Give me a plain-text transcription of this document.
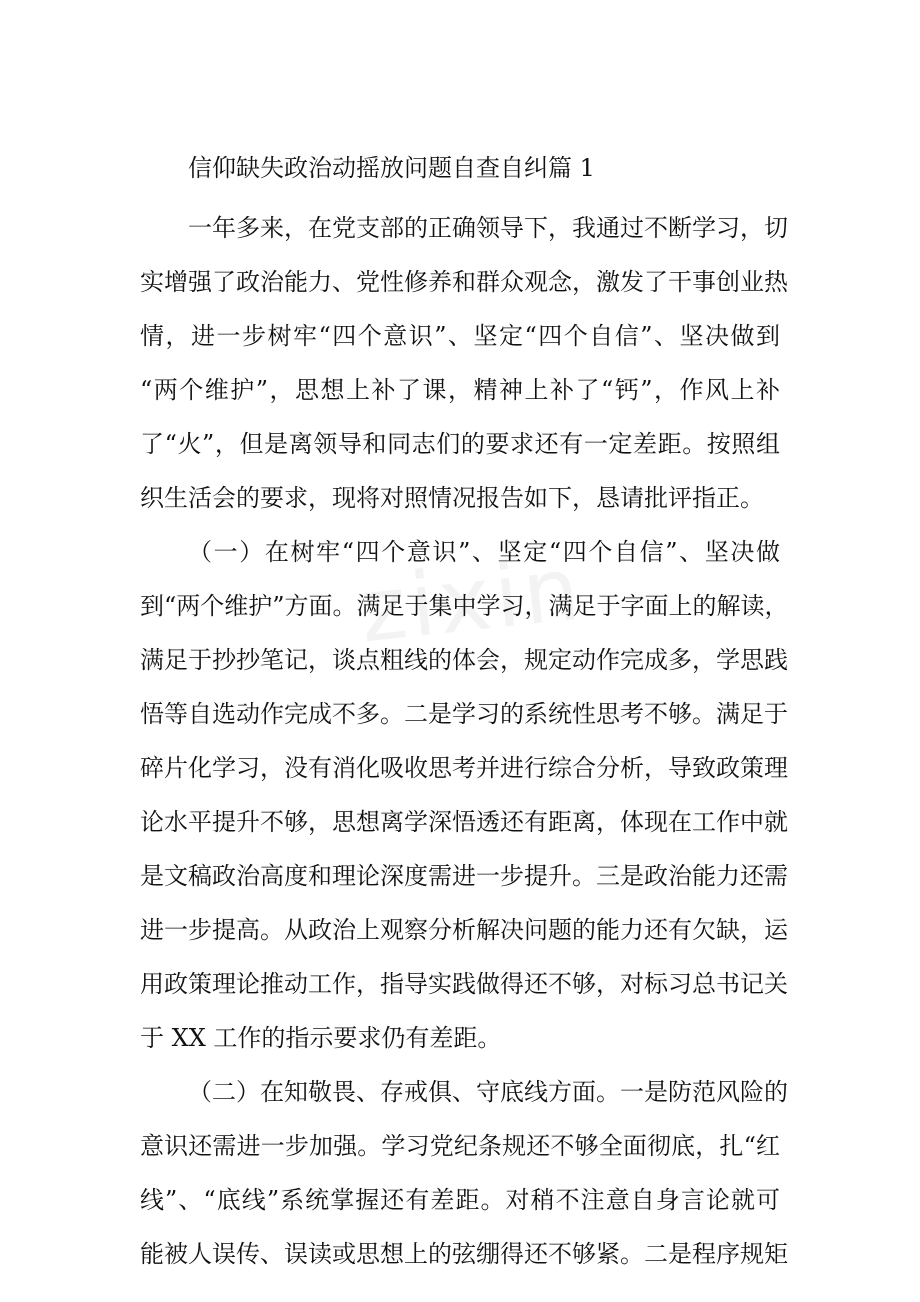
信仰缺失政治动摇放问题自查自纠篇 1

一年多来，在党支部的正确领导下，我通过不断学习，切

实增强了政治能力、党性修养和群众观念，激发了干事创业热

情，进一步树牢“四个意识”、坚定“四个自信”、坚决做到

“两个维护”，思想上补了课，精神上补了“钙”，作风上补

了“火”，但是离领导和同志们的要求还有一定差距。按照组

织生活会的要求，现将对照情况报告如下，恳请批评指正。

（一）在树牢“四个意识”、坚定“四个自信”、坚决做

到“两个维护”方面。满足于集中学习，满足于字面上的解读，

满足于抄抄笔记，谈点粗线的体会，规定动作完成多，学思践

悟等自选动作完成不多。二是学习的系统性思考不够。满足于

碎片化学习，没有消化吸收思考并进行综合分析，导致政策理

论水平提升不够，思想离学深悟透还有距离，体现在工作中就

是文稿政治高度和理论深度需进一步提升。三是政治能力还需

进一步提高。从政治上观察分析解决问题的能力还有欠缺，运

用政策理论推动工作，指导实践做得还不够，对标习总书记关

于 XX 工作的指示要求仍有差距。

（二）在知敬畏、存戒俱、守底线方面。一是防范风险的

意识还需进一步加强。学习党纪条规还不够全面彻底，扎“红

线”、“底线”系统掌握还有差距。对稍不注意自身言论就可

能被人误传、误读或思想上的弦绷得还不够紧。二是程序规矩
